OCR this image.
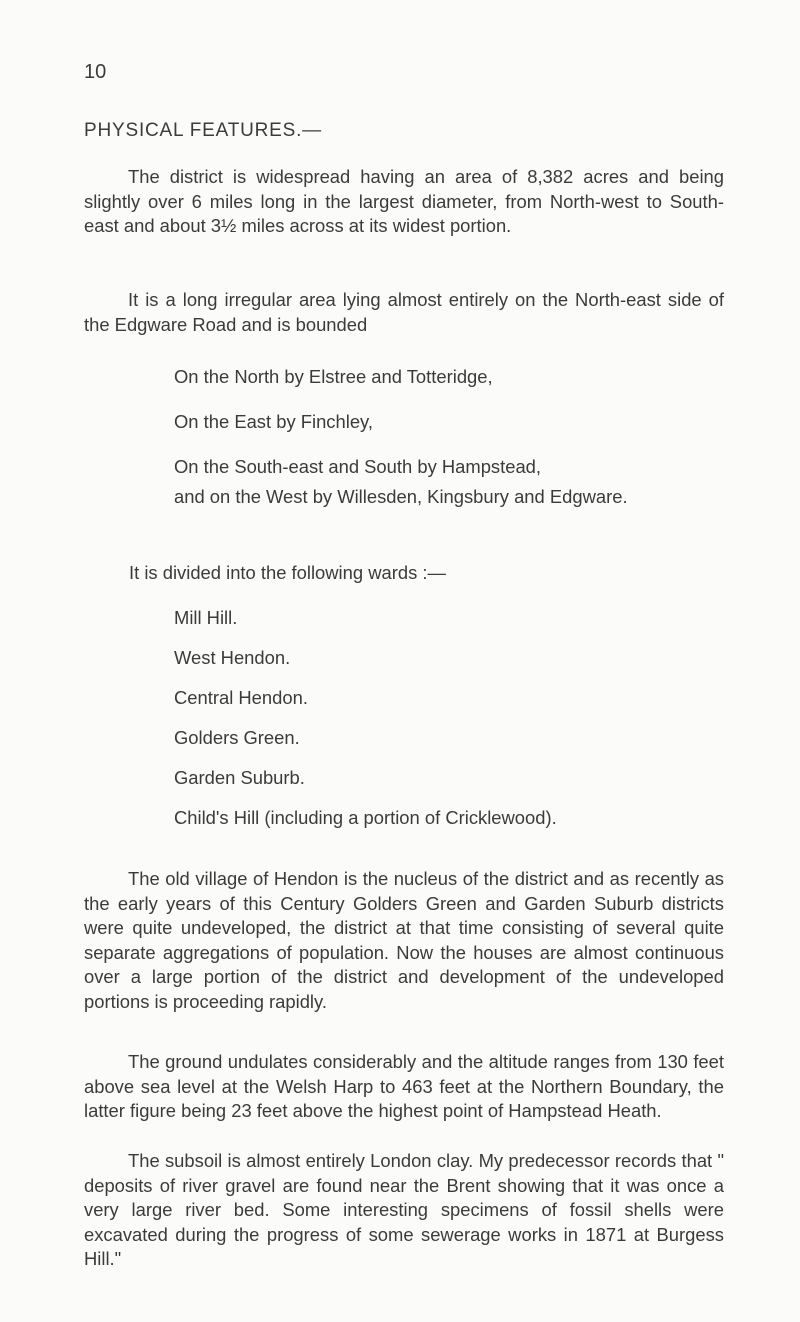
10
PHYSICAL FEATURES.—

The district is widespread having an area of 8,382 acres and being slightly over 6 miles long in the largest diameter, from North-west to South-east and about 3½ miles across at its widest portion.

It is a long irregular area lying almost entirely on the North-east side of the Edgware Road and is bounded

On the North by Elstree and Totteridge,

On the East by Finchley,

On the South-east and South by Hampstead,

and on the West by Willesden, Kingsbury and Edgware.

It is divided into the following wards :—

Mill Hill.

West Hendon.

Central Hendon.

Golders Green.

Garden Suburb.

Child's Hill (including a portion of Cricklewood).

The old village of Hendon is the nucleus of the district and as recently as the early years of this Century Golders Green and Garden Suburb districts were quite undeveloped, the district at that time consisting of several quite separate aggregations of population. Now the houses are almost continuous over a large portion of the district and development of the undeveloped portions is proceeding rapidly.

The ground undulates considerably and the altitude ranges from 130 feet above sea level at the Welsh Harp to 463 feet at the Northern Boundary, the latter figure being 23 feet above the highest point of Hampstead Heath.

The subsoil is almost entirely London clay. My predecessor records that " deposits of river gravel are found near the Brent showing that it was once a very large river bed. Some interesting specimens of fossil shells were excavated during the progress of some sewerage works in 1871 at Burgess Hill."
